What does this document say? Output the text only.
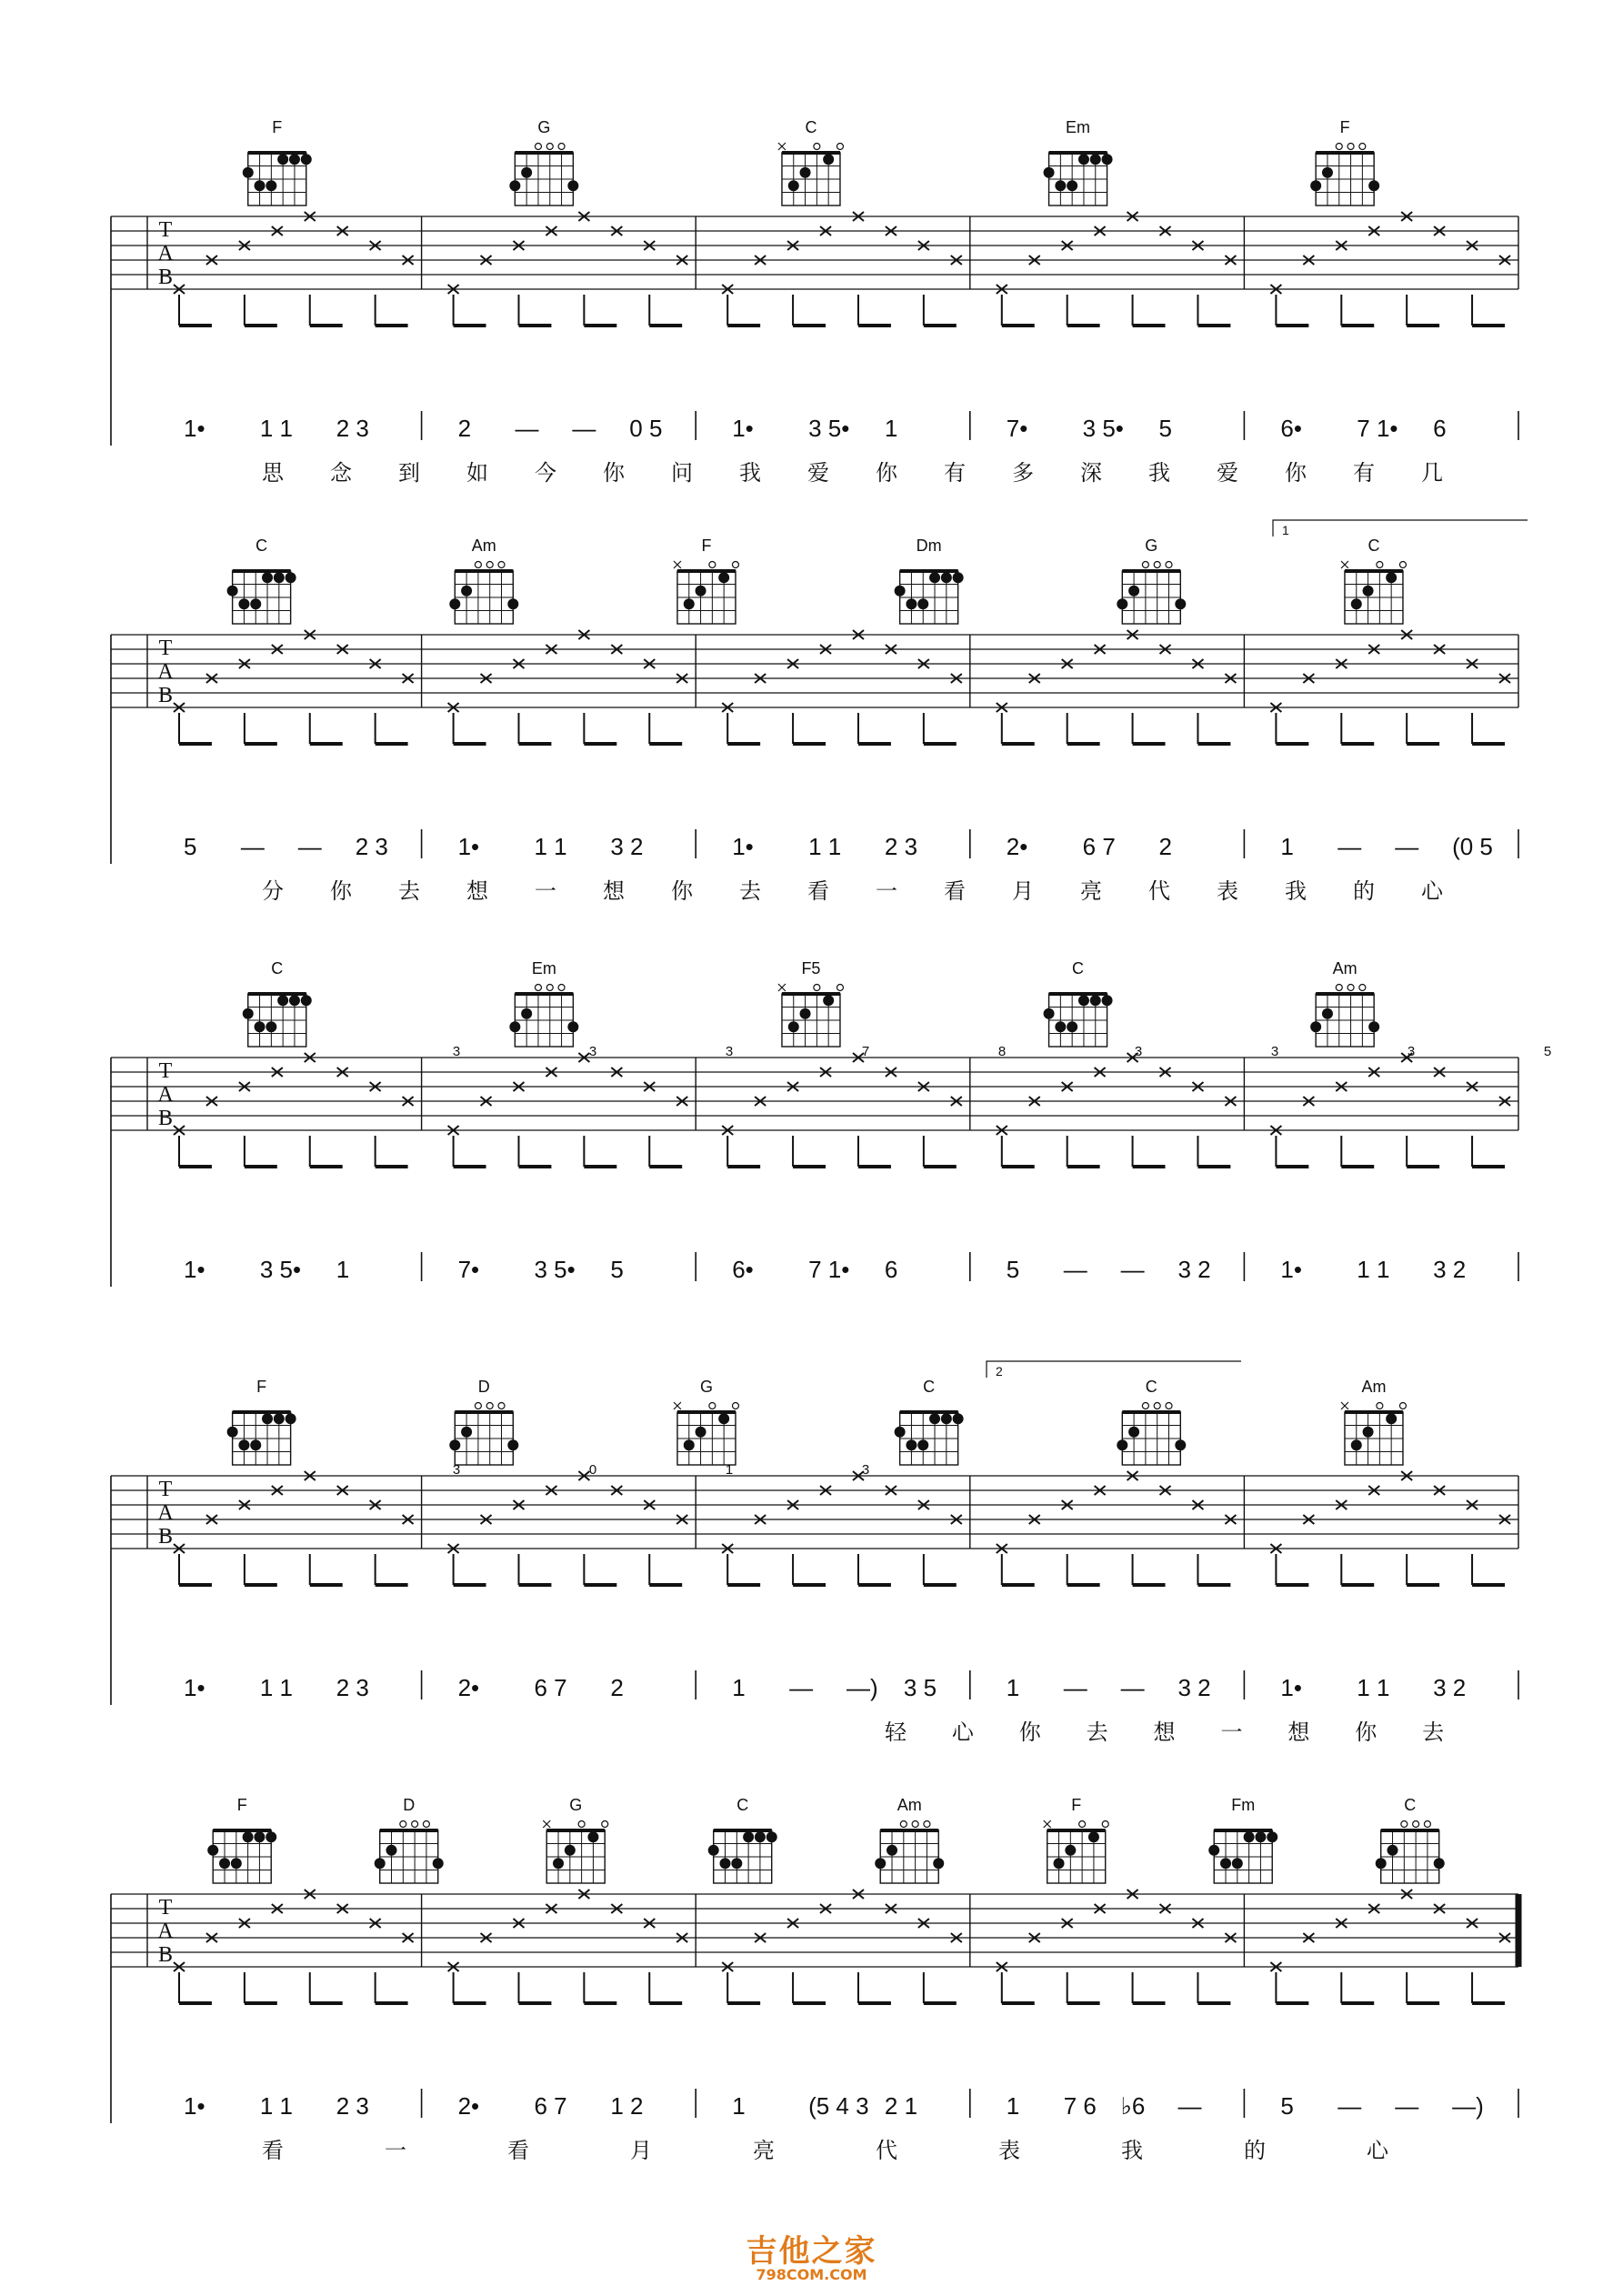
T
A
B
F	G	C	Em	F
1• 1 1 2 3	2 — — 0 5	1• 3 5• 1	7• 3 5• 5	6• 7 1• 6
思 念 到 如 今 你 问 我 爱 你 有 多 深 我 爱 你 有 几
T
A
B
C	Am	F	Dm	G	C
1
5 — — 2 3	1• 1 1 3 2	1• 1 1 2 3	2• 6 7 2	1 — — (0 5
分 你 去 想 一 想 你 去 看 一 看 月 亮 代 表 我 的 心
T
A
B
C	Em	F5	C	Am
3	3	3	7	8	3	3	3	5
1• 3 5• 1	7• 3 5• 5	6• 7 1• 6	5 — — 3 2	1• 1 1 3 2
T
A
B
F	D	G	C	C	Am
3	0	1	3
2
1• 1 1 2 3	2• 6 7 2	1 — —) 3 5	1 — — 3 2	1• 1 1 3 2
轻 心 你 去 想 一 想 你 去
T
A
B
F	D	G	C	Am	F	Fm	C
1• 1 1 2 3	2• 6 7 1 2	1	(5 4 3 2 1	1 7 6 ♭6 —	5 — — —)
看	一	看	月	亮	代	表	我	的	心
吉他之家
798COM.COM
